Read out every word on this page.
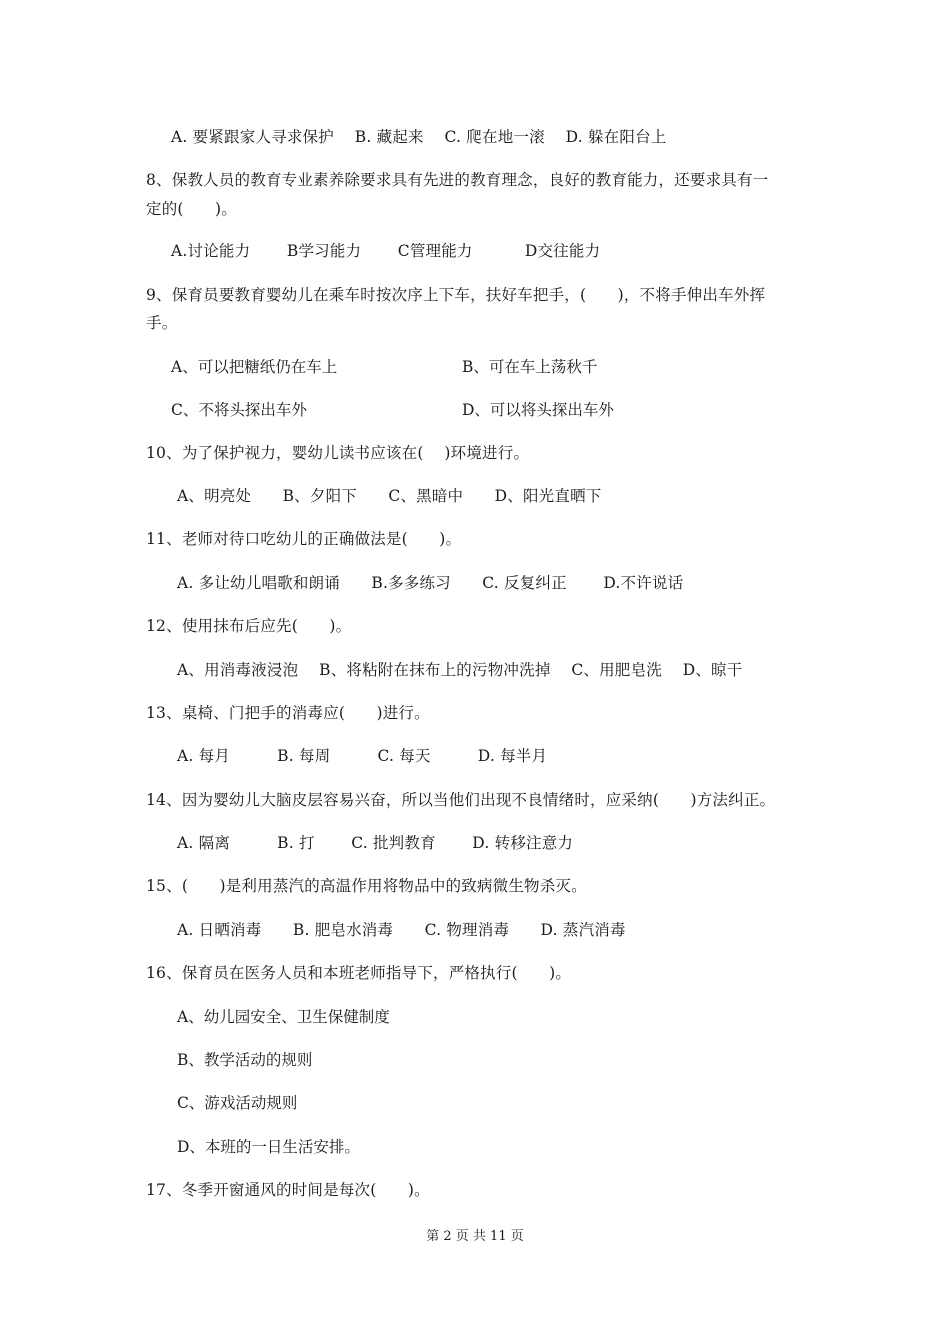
A. 要紧跟家人寻求保护　 B. 藏起来　 C. 爬在地一滚　 D. 躲在阳台上
8、保教人员的教育专业素养除要求具有先进的教育理念，良好的教育能力，还要求具有一
定的(　　)。
A.讨论能力　　 B学习能力　　 C管理能力　　　 D交往能力
9、保育员要教育婴幼儿在乘车时按次序上下车，扶好车把手，(　　)，不将手伸出车外挥
手。
A、可以把糖纸仍在车上	B、可在车上荡秋千
C、不将头探出车外	D、可以将头探出车外
10、为了保护视力，婴幼儿读书应该在(　 )环境进行。
A、明亮处　　B、夕阳下　　C、黑暗中　　D、阳光直晒下
11、老师对待口吃幼儿的正确做法是(　　)。
A. 多让幼儿唱歌和朗诵　　B.多多练习　　C. 反复纠正　　 D.不许说话
12、使用抹布后应先(　　)。
A、用消毒液浸泡　 B、将粘附在抹布上的污物冲洗掉　 C、用肥皂洗　 D、晾干
13、桌椅、门把手的消毒应(　　)进行。
A. 每月　　　B. 每周　　　C. 每天　　　D. 每半月
14、因为婴幼儿大脑皮层容易兴奋，所以当他们出现不良情绪时，应采纳(　　)方法纠正。
A. 隔离　　　B. 打　　 C. 批判教育　　 D. 转移注意力
15、(　　)是利用蒸汽的高温作用将物品中的致病微生物杀灭。
A. 日晒消毒　　B. 肥皂水消毒　　C. 物理消毒　　D. 蒸汽消毒
16、保育员在医务人员和本班老师指导下，严格执行(　　)。
A、幼儿园安全、卫生保健制度
B、教学活动的规则
C、游戏活动规则
D、本班的一日生活安排。
17、冬季开窗通风的时间是每次(　　)。
第 2 页 共 11 页
